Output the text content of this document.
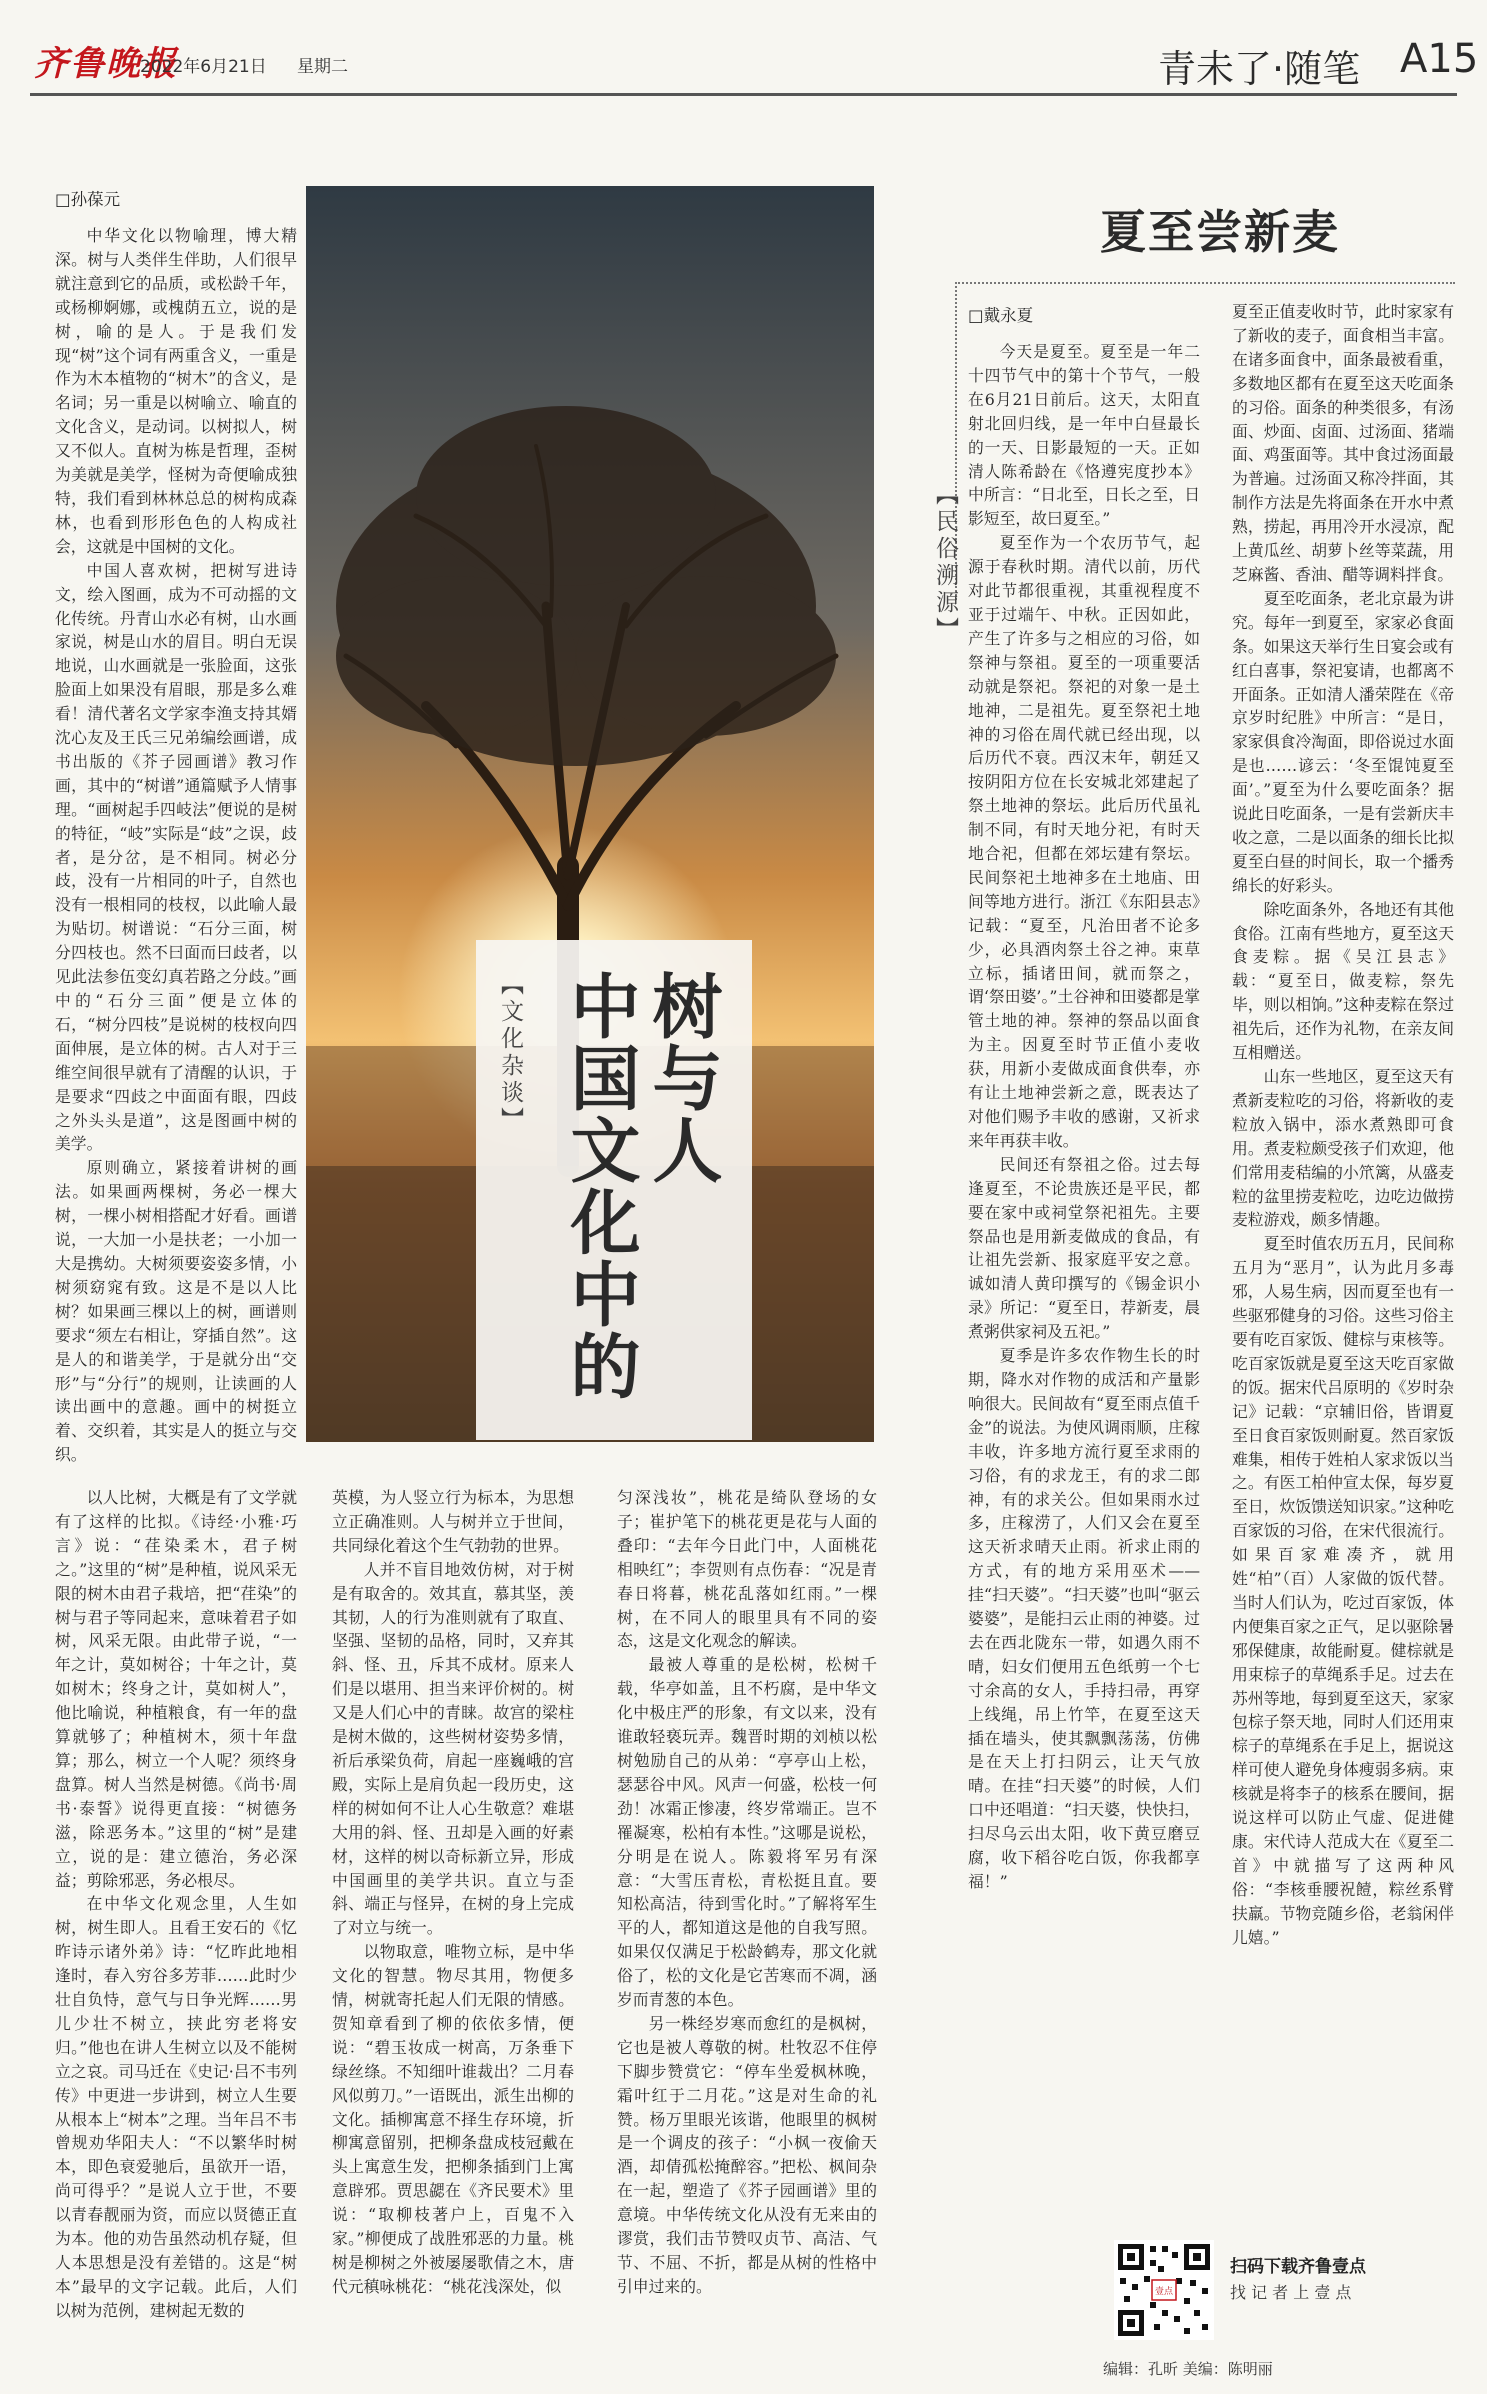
齐鲁晚报
2022年6月21日 星期二	青未了·随笔 A15
□孙葆元

中华文化以物喻理，博大精深。树与人类伴生伴助，人们很早就注意到它的品质，或松龄千年，或杨柳婀娜，或槐荫五立，说的是树，喻的是人。于是我们发现“树”这个词有两重含义，一重是作为木本植物的“树木”的含义，是名词；另一重是以树喻立、喻直的文化含义，是动词。以树拟人，树又不似人。直树为栋是哲理，歪树为美就是美学，怪树为奇便喻成独特，我们看到林林总总的树构成森林，也看到形形色色的人构成社会，这就是中国树的文化。

中国人喜欢树，把树写进诗文，绘入图画，成为不可动摇的文化传统。丹青山水必有树，山水画家说，树是山水的眉目。明白无误地说，山水画就是一张脸面，这张脸面上如果没有眉眼，那是多么难看！清代著名文学家李渔支持其婿沈心友及王氏三兄弟编绘画谱，成书出版的《芥子园画谱》教习作画，其中的“树谱”通篇赋予人情事理。“画树起手四岐法”便说的是树的特征，“岐”实际是“歧”之误，歧者，是分岔，是不相同。树必分歧，没有一片相同的叶子，自然也没有一根相同的枝杈，以此喻人最为贴切。树谱说：“石分三面，树分四枝也。然不曰面而曰歧者，以见此法参伍变幻真若路之分歧。”画中的“石分三面”便是立体的石，“树分四枝”是说树的枝杈向四面伸展，是立体的树。古人对于三维空间很早就有了清醒的认识，于是要求“四歧之中面面有眼，四歧之外头头是道”，这是图画中树的美学。

原则确立，紧接着讲树的画法。如果画两棵树，务必一棵大树，一棵小树相搭配才好看。画谱说，一大加一小是扶老；一小加一大是携幼。大树须要姿姿多情，小树须窈窕有致。这是不是以人比树？如果画三棵以上的树，画谱则要求“须左右相让，穿插自然”。这是人的和谐美学，于是就分出“交形”与“分行”的规则，让读画的人读出画中的意趣。画中的树挺立着、交织着，其实是人的挺立与交织。

树与人
中国文化中的
【文化杂谈】

以人比树，大概是有了文学就有了这样的比拟。《诗经·小雅·巧言》说：“荏染柔木，君子树之。”这里的“树”是种植，说风采无限的树木由君子栽培，把“荏染”的树与君子等同起来，意味着君子如树，风采无限。由此带子说，“一年之计，莫如树谷；十年之计，莫如树木；终身之计，莫如树人”，他比喻说，种植粮食，有一年的盘算就够了；种植树木，须十年盘算；那么，树立一个人呢？须终身盘算。树人当然是树德。《尚书·周书·泰誓》说得更直接：“树德务滋，除恶务本。”这里的“树”是建立，说的是：建立德治，务必深益；剪除邪恶，务必根尽。

在中华文化观念里，人生如树，树生即人。且看王安石的《忆昨诗示诸外弟》诗：“忆昨此地相逢时，春入穷谷多芳菲……此时少壮自负恃，意气与日争光辉……男儿少壮不树立，挟此穷老将安归。”他也在讲人生树立以及不能树立之哀。司马迁在《史记·吕不韦列传》中更进一步讲到，树立人生要从根本上“树本”之理。当年吕不韦曾规劝华阳夫人：“不以繁华时树本，即色衰爱驰后，虽欲开一语，尚可得乎？”是说人立于世，不要以青春靓丽为资，而应以贤德正直为本。他的劝告虽然动机存疑，但人本思想是没有差错的。这是“树本”最早的文字记载。此后，人们以树为范例，建树起无数的

英模，为人竖立行为标本，为思想立正确准则。人与树并立于世间，共同绿化着这个生气勃勃的世界。

人并不盲目地效仿树，对于树是有取舍的。效其直，慕其坚，羡其韧，人的行为准则就有了取直、坚强、坚韧的品格，同时，又弃其斜、怪、丑，斥其不成材。原来人们是以堪用、担当来评价树的。树又是人们心中的青睐。故宫的梁柱是树木做的，这些树材姿势多情，祈后承梁负荷，肩起一座巍峨的宫殿，实际上是肩负起一段历史，这样的树如何不让人心生敬意？难堪大用的斜、怪、丑却是入画的好素材，这样的树以奇标新立异，形成中国画里的美学共识。直立与歪斜、端正与怪异，在树的身上完成了对立与统一。

以物取意，唯物立标，是中华文化的智慧。物尽其用，物便多情，树就寄托起人们无限的情感。贺知章看到了柳的依依多情，便说：“碧玉妆成一树高，万条垂下绿丝绦。不知细叶谁裁出？二月春风似剪刀。”一语既出，派生出柳的文化。插柳寓意不择生存环境，折柳寓意留别，把柳条盘成枝冠戴在头上寓意生发，把柳条插到门上寓意辟邪。贾思勰在《齐民要术》里说：“取柳枝著户上，百鬼不入家。”柳便成了战胜邪恶的力量。桃树是柳树之外被屡屡歌倩之木，唐代元稹咏桃花：“桃花浅深处，似

匀深浅妆”，桃花是绮队登场的女子；崔护笔下的桃花更是花与人面的叠印：“去年今日此门中，人面桃花相映红”；李贺则有点伤春：“况是青春日将暮，桃花乱落如红雨。”一棵树，在不同人的眼里具有不同的姿态，这是文化观念的解读。

最被人尊重的是松树，松树千载，华亭如盖，且不朽腐，是中华文化中极庄严的形象，有文以来，没有谁敢轻亵玩弄。魏晋时期的刘桢以松树勉励自己的从弟：“亭亭山上松，瑟瑟谷中风。风声一何盛，松枝一何劲！冰霜正惨凄，终岁常端正。岂不罹凝寒，松柏有本性。”这哪是说松，分明是在说人。陈毅将军另有深意：“大雪压青松，青松挺且直。要知松高洁，待到雪化时。”了解将军生平的人，都知道这是他的自我写照。如果仅仅满足于松龄鹤寿，那文化就俗了，松的文化是它苦寒而不凋，涵岁而青葱的本色。

另一株经岁寒而愈红的是枫树，它也是被人尊敬的树。杜牧忍不住停下脚步赞赏它：“停车坐爱枫林晚，霜叶红于二月花。”这是对生命的礼赞。杨万里眼光该谐，他眼里的枫树是一个调皮的孩子：“小枫一夜偷天酒，却倩孤松掩醉容。”把松、枫间杂在一起，塑造了《芥子园画谱》里的意境。中华传统文化从没有无来由的谬赏，我们击节赞叹贞节、高洁、气节、不屈、不折，都是从树的性格中引申过来的。

夏至尝新麦
【民俗溯源】
□戴永夏

今天是夏至。夏至是一年二十四节气中的第十个节气，一般在6月21日前后。这天，太阳直射北回归线，是一年中白昼最长的一天、日影最短的一天。正如清人陈希龄在《恪遵宪度抄本》中所言：“日北至，日长之至，日影短至，故曰夏至。”

夏至作为一个农历节气，起源于春秋时期。清代以前，历代对此节都很重视，其重视程度不亚于过端午、中秋。正因如此，产生了许多与之相应的习俗，如祭神与祭祖。夏至的一项重要活动就是祭祀。祭祀的对象一是土地神，二是祖先。夏至祭祀土地神的习俗在周代就已经出现，以后历代不衰。西汉末年，朝廷又按阴阳方位在长安城北郊建起了祭土地神的祭坛。此后历代虽礼制不同，有时天地分祀，有时天地合祀，但都在郊坛建有祭坛。民间祭祀土地神多在土地庙、田间等地方进行。浙江《东阳县志》记载：“夏至，凡治田者不论多少，必具酒肉祭土谷之神。束草立标，插诸田间，就而祭之，谓‘祭田婆’。”土谷神和田婆都是掌管土地的神。祭神的祭品以面食为主。因夏至时节正值小麦收获，用新小麦做成面食供奉，亦有让土地神尝新之意，既表达了对他们赐予丰收的感谢，又祈求来年再获丰收。

民间还有祭祖之俗。过去每逢夏至，不论贵族还是平民，都要在家中或祠堂祭祀祖先。主要祭品也是用新麦做成的食品，有让祖先尝新、报家庭平安之意。诚如清人黄印撰写的《锡金识小录》所记：“夏至日，荐新麦，晨煮粥供家祠及五祀。”

夏季是许多农作物生长的时期，降水对作物的成活和产量影响很大。民间故有“夏至雨点值千金”的说法。为使风调雨顺，庄稼丰收，许多地方流行夏至求雨的习俗，有的求龙王，有的求二郎神，有的求关公。但如果雨水过多，庄稼涝了，人们又会在夏至这天祈求晴天止雨。祈求止雨的方式，有的地方采用巫术——挂“扫天婆”。“扫天婆”也叫“驱云婆婆”，是能扫云止雨的神婆。过去在西北陇东一带，如遇久雨不晴，妇女们便用五色纸剪一个七寸余高的女人，手持扫帚，再穿上线绳，吊上竹竿，在夏至这天插在墙头，使其飘飘荡荡，仿佛是在天上打扫阴云，让天气放晴。在挂“扫天婆”的时候，人们口中还唱道：“扫天婆，快快扫，扫尽乌云出太阳，收下黄豆磨豆腐，收下稻谷吃白饭，你我都享福！”

夏至正值麦收时节，此时家家有了新收的麦子，面食相当丰富。在诸多面食中，面条最被看重，多数地区都有在夏至这天吃面条的习俗。面条的种类很多，有汤面、炒面、卤面、过汤面、猪端面、鸡蛋面等。其中食过汤面最为普遍。过汤面又称冷拌面，其制作方法是先将面条在开水中煮熟，捞起，再用冷开水浸凉，配上黄瓜丝、胡萝卜丝等菜蔬，用芝麻酱、香油、醋等调料拌食。

夏至吃面条，老北京最为讲究。每年一到夏至，家家必食面条。如果这天举行生日宴会或有红白喜事，祭祀宴请，也都离不开面条。正如清人潘荣陛在《帝京岁时纪胜》中所言：“是日，家家俱食冷淘面，即俗说过水面是也……谚云：‘冬至馄饨夏至面’。”夏至为什么要吃面条？据说此日吃面条，一是有尝新庆丰收之意，二是以面条的细长比拟夏至白昼的时间长，取一个播秀绵长的好彩头。

除吃面条外，各地还有其他食俗。江南有些地方，夏至这天食麦粽。据《吴江县志》载：“夏至日，做麦粽，祭先毕，则以相饷。”这种麦粽在祭过祖先后，还作为礼物，在亲友间互相赠送。

山东一些地区，夏至这天有煮新麦粒吃的习俗，将新收的麦粒放入锅中，添水煮熟即可食用。煮麦粒颇受孩子们欢迎，他们常用麦秸编的小笊篱，从盛麦粒的盆里捞麦粒吃，边吃边做捞麦粒游戏，颇多情趣。

夏至时值农历五月，民间称五月为“恶月”，认为此月多毒邪，人易生病，因而夏至也有一些驱邪健身的习俗。这些习俗主要有吃百家饭、健棕与束核等。吃百家饭就是夏至这天吃百家做的饭。据宋代吕原明的《岁时杂记》记载：“京辅旧俗，皆谓夏至日食百家饭则耐夏。然百家饭难集，相传于姓柏人家求饭以当之。有医工柏仲宣太保，每岁夏至日，炊饭馈送知识家。”这种吃百家饭的习俗，在宋代很流行。如果百家难凑齐，就用姓“柏”（百）人家做的饭代替。当时人们认为，吃过百家饭，体内便集百家之正气，足以驱除暑邪保健康，故能耐夏。健棕就是用束棕子的草绳系手足。过去在苏州等地，每到夏至这天，家家包棕子祭天地，同时人们还用束棕子的草绳系在手足上，据说这样可使人避免身体瘦弱多病。束核就是将李子的核系在腰间，据说这样可以防止气虚、促进健康。宋代诗人范成大在《夏至二首》中就描写了这两种风俗：“李核垂腰祝饐，粽丝系臂扶羸。节物竞随乡俗，老翁闲伴儿嬉。”

壹点
扫码下载齐鲁壹点
找 记 者 上 壹 点
编辑：孔昕 美编：陈明丽
